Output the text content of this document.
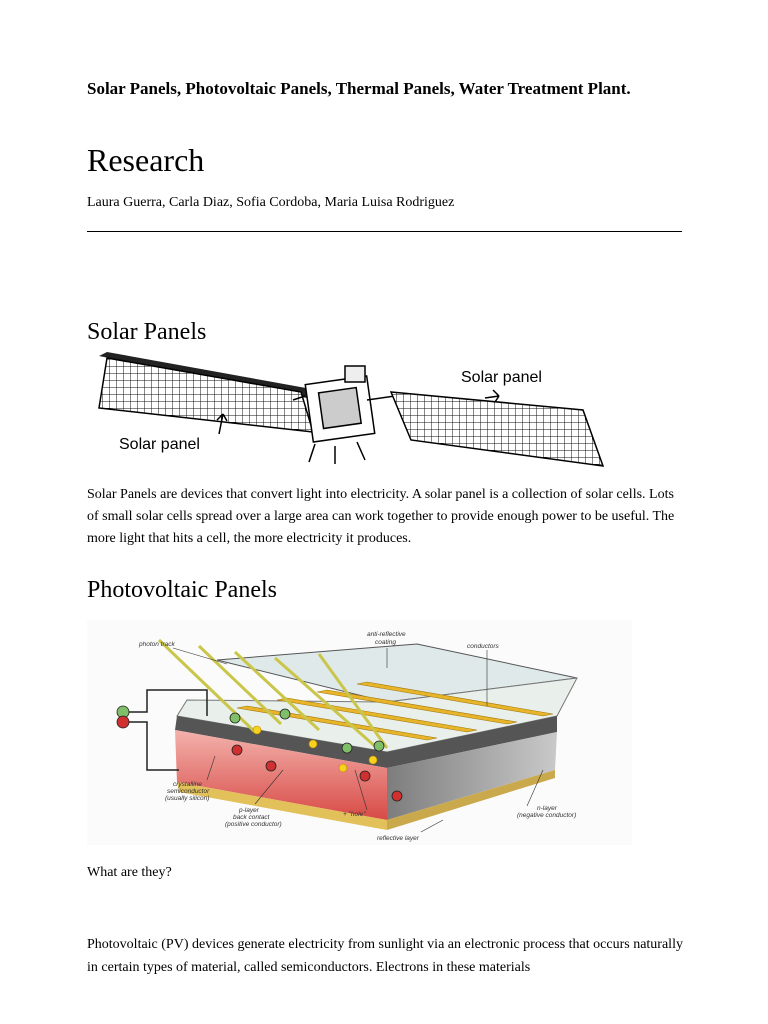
Solar Panels, Photovoltaic Panels, Thermal Panels, Water Treatment Plant.
Research
Laura Guerra, Carla Diaz, Sofia Cordoba, Maria Luisa Rodriguez
Solar Panels
Solar panel
Solar panel

Solar Panels are devices that convert light into electricity. A solar panel is a collection of solar cells. Lots of small solar cells spread over a large area can work together to provide enough power to be useful. The more light that hits a cell, the more electricity it produces.

Photovoltaic Panels
photon track
anti-reflective
coating
conductors
crystalline
semiconductor
(usually silicon)
p-layer
back contact
(positive conductor)
+ "hole"
reflective layer
n-layer
(negative conductor)

What are they?

Photovoltaic (PV) devices generate electricity from sunlight via an electronic process that occurs naturally in certain types of material, called semiconductors. Electrons in these materials
